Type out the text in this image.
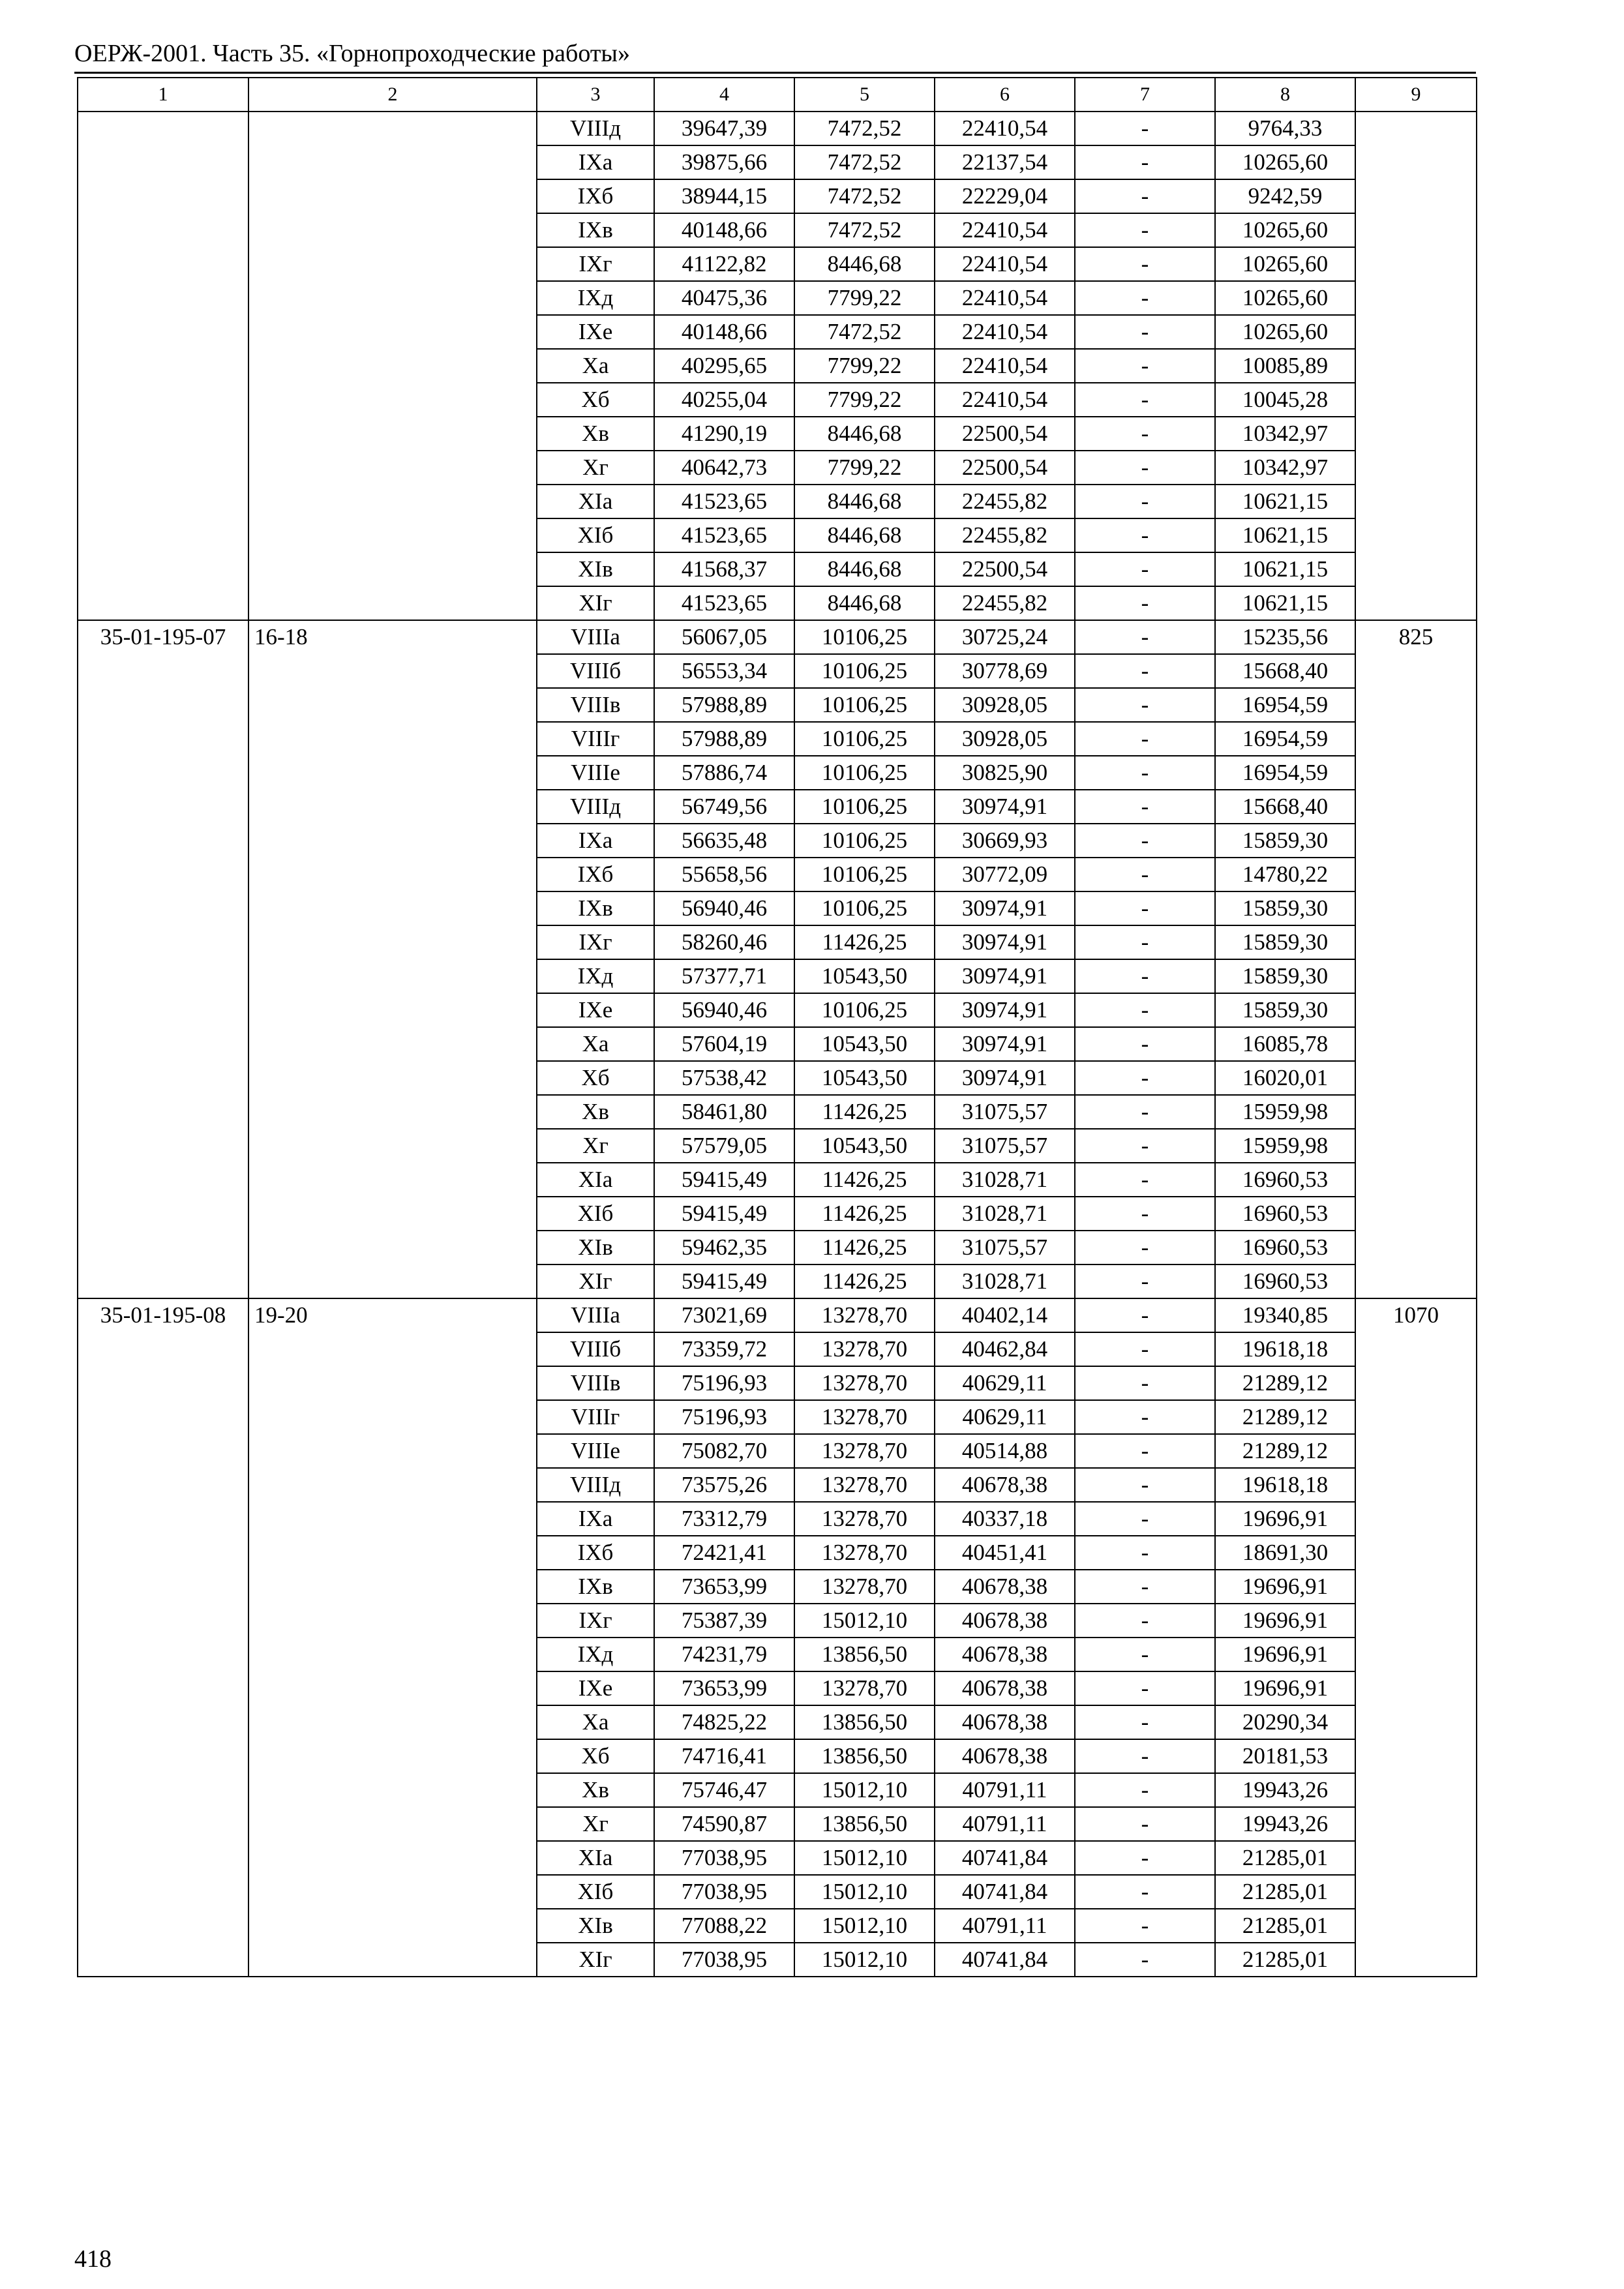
ОЕРЖ-2001. Часть 35. «Горнопроходческие работы»
1	2	3	4	5	6	7	8	9
		VIIIд	39647,39	7472,52	22410,54	-	9764,33	
		IXа	39875,66	7472,52	22137,54	-	10265,60	
		IXб	38944,15	7472,52	22229,04	-	9242,59	
		IXв	40148,66	7472,52	22410,54	-	10265,60	
		IXг	41122,82	8446,68	22410,54	-	10265,60	
		IXд	40475,36	7799,22	22410,54	-	10265,60	
		IXе	40148,66	7472,52	22410,54	-	10265,60	
		Xа	40295,65	7799,22	22410,54	-	10085,89	
		Xб	40255,04	7799,22	22410,54	-	10045,28	
		Xв	41290,19	8446,68	22500,54	-	10342,97	
		Xг	40642,73	7799,22	22500,54	-	10342,97	
		XIа	41523,65	8446,68	22455,82	-	10621,15	
		XIб	41523,65	8446,68	22455,82	-	10621,15	
		XIв	41568,37	8446,68	22500,54	-	10621,15	
		XIг	41523,65	8446,68	22455,82	-	10621,15	
35-01-195-07	16-18	VIIIа	56067,05	10106,25	30725,24	-	15235,56	825
		VIIIб	56553,34	10106,25	30778,69	-	15668,40	
		VIIIв	57988,89	10106,25	30928,05	-	16954,59	
		VIIIг	57988,89	10106,25	30928,05	-	16954,59	
		VIIIе	57886,74	10106,25	30825,90	-	16954,59	
		VIIIд	56749,56	10106,25	30974,91	-	15668,40	
		IXа	56635,48	10106,25	30669,93	-	15859,30	
		IXб	55658,56	10106,25	30772,09	-	14780,22	
		IXв	56940,46	10106,25	30974,91	-	15859,30	
		IXг	58260,46	11426,25	30974,91	-	15859,30	
		IXд	57377,71	10543,50	30974,91	-	15859,30	
		IXе	56940,46	10106,25	30974,91	-	15859,30	
		Xа	57604,19	10543,50	30974,91	-	16085,78	
		Xб	57538,42	10543,50	30974,91	-	16020,01	
		Xв	58461,80	11426,25	31075,57	-	15959,98	
		Xг	57579,05	10543,50	31075,57	-	15959,98	
		XIа	59415,49	11426,25	31028,71	-	16960,53	
		XIб	59415,49	11426,25	31028,71	-	16960,53	
		XIв	59462,35	11426,25	31075,57	-	16960,53	
		XIг	59415,49	11426,25	31028,71	-	16960,53	
35-01-195-08	19-20	VIIIа	73021,69	13278,70	40402,14	-	19340,85	1070
		VIIIб	73359,72	13278,70	40462,84	-	19618,18	
		VIIIв	75196,93	13278,70	40629,11	-	21289,12	
		VIIIг	75196,93	13278,70	40629,11	-	21289,12	
		VIIIе	75082,70	13278,70	40514,88	-	21289,12	
		VIIIд	73575,26	13278,70	40678,38	-	19618,18	
		IXа	73312,79	13278,70	40337,18	-	19696,91	
		IXб	72421,41	13278,70	40451,41	-	18691,30	
		IXв	73653,99	13278,70	40678,38	-	19696,91	
		IXг	75387,39	15012,10	40678,38	-	19696,91	
		IXд	74231,79	13856,50	40678,38	-	19696,91	
		IXе	73653,99	13278,70	40678,38	-	19696,91	
		Xа	74825,22	13856,50	40678,38	-	20290,34	
		Xб	74716,41	13856,50	40678,38	-	20181,53	
		Xв	75746,47	15012,10	40791,11	-	19943,26	
		Xг	74590,87	13856,50	40791,11	-	19943,26	
		XIа	77038,95	15012,10	40741,84	-	21285,01	
		XIб	77038,95	15012,10	40741,84	-	21285,01	
		XIв	77088,22	15012,10	40791,11	-	21285,01	
		XIг	77038,95	15012,10	40741,84	-	21285,01	
418
